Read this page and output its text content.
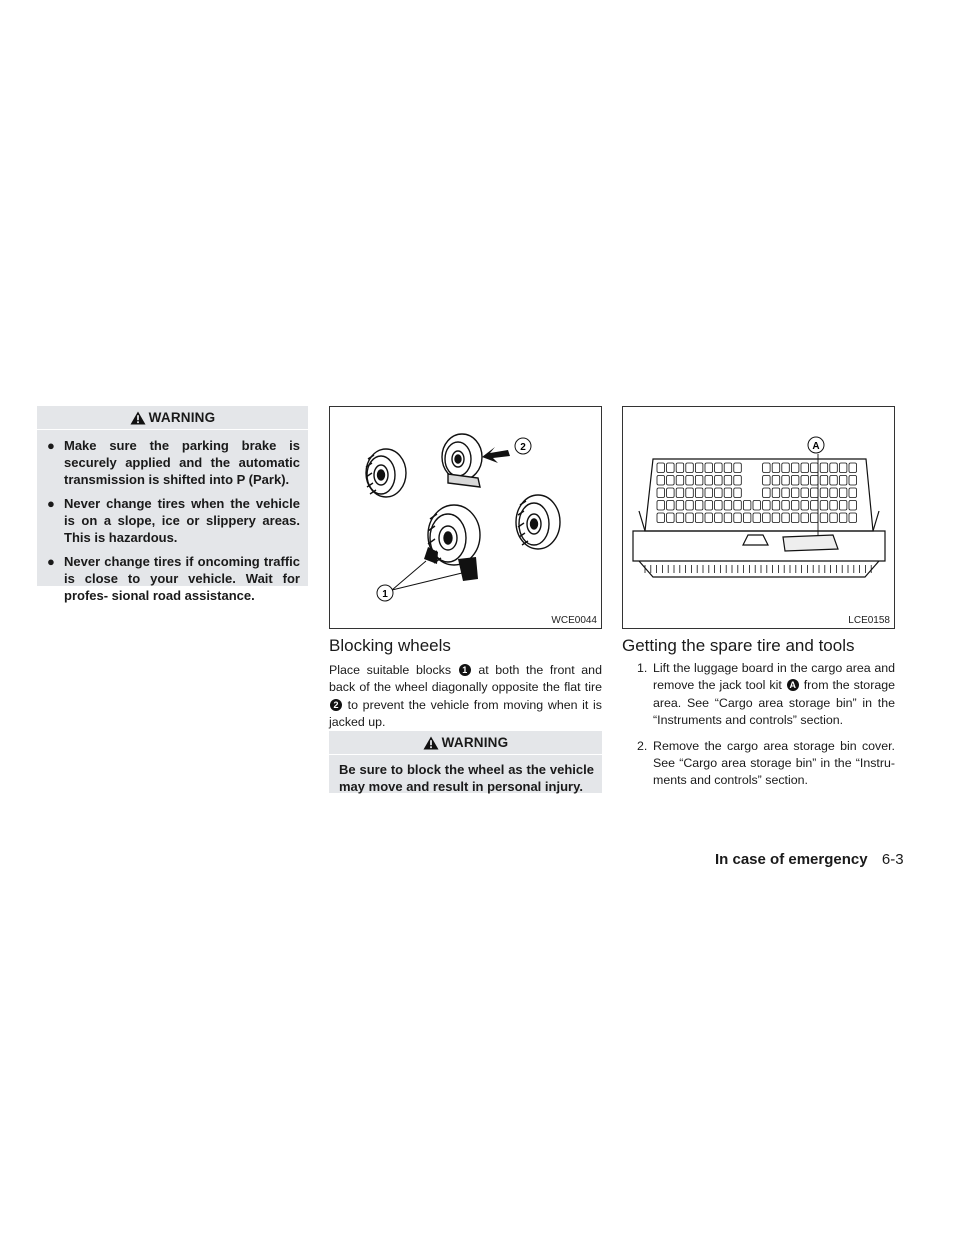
WARNING
● Make sure the parking brake is securely applied and the automatic transmission is shifted into P (Park).
● Never change tires when the vehicle is on a slope, ice or slippery areas. This is hazardous.
● Never change tires if oncoming traffic is close to your vehicle. Wait for profes- sional road assistance.	1
2
WCE0044
A
LCE0158
Blocking wheels
Place suitable blocks 1 at both the front and back of the wheel diagonally opposite the flat tire 2 to prevent the vehicle from moving when it is jacked up.
WARNING
Be sure to block the wheel as the vehicle may move and result in personal injury.
Getting the spare tire and tools
1. Lift the luggage board in the cargo area and remove the jack tool kit A from the storage area. See “Cargo area storage bin” in the “Instruments and controls” section.
2. Remove the cargo area storage bin cover. See “Cargo area storage bin” in the “Instru- ments and controls” section.
In case of emergency 6-3
